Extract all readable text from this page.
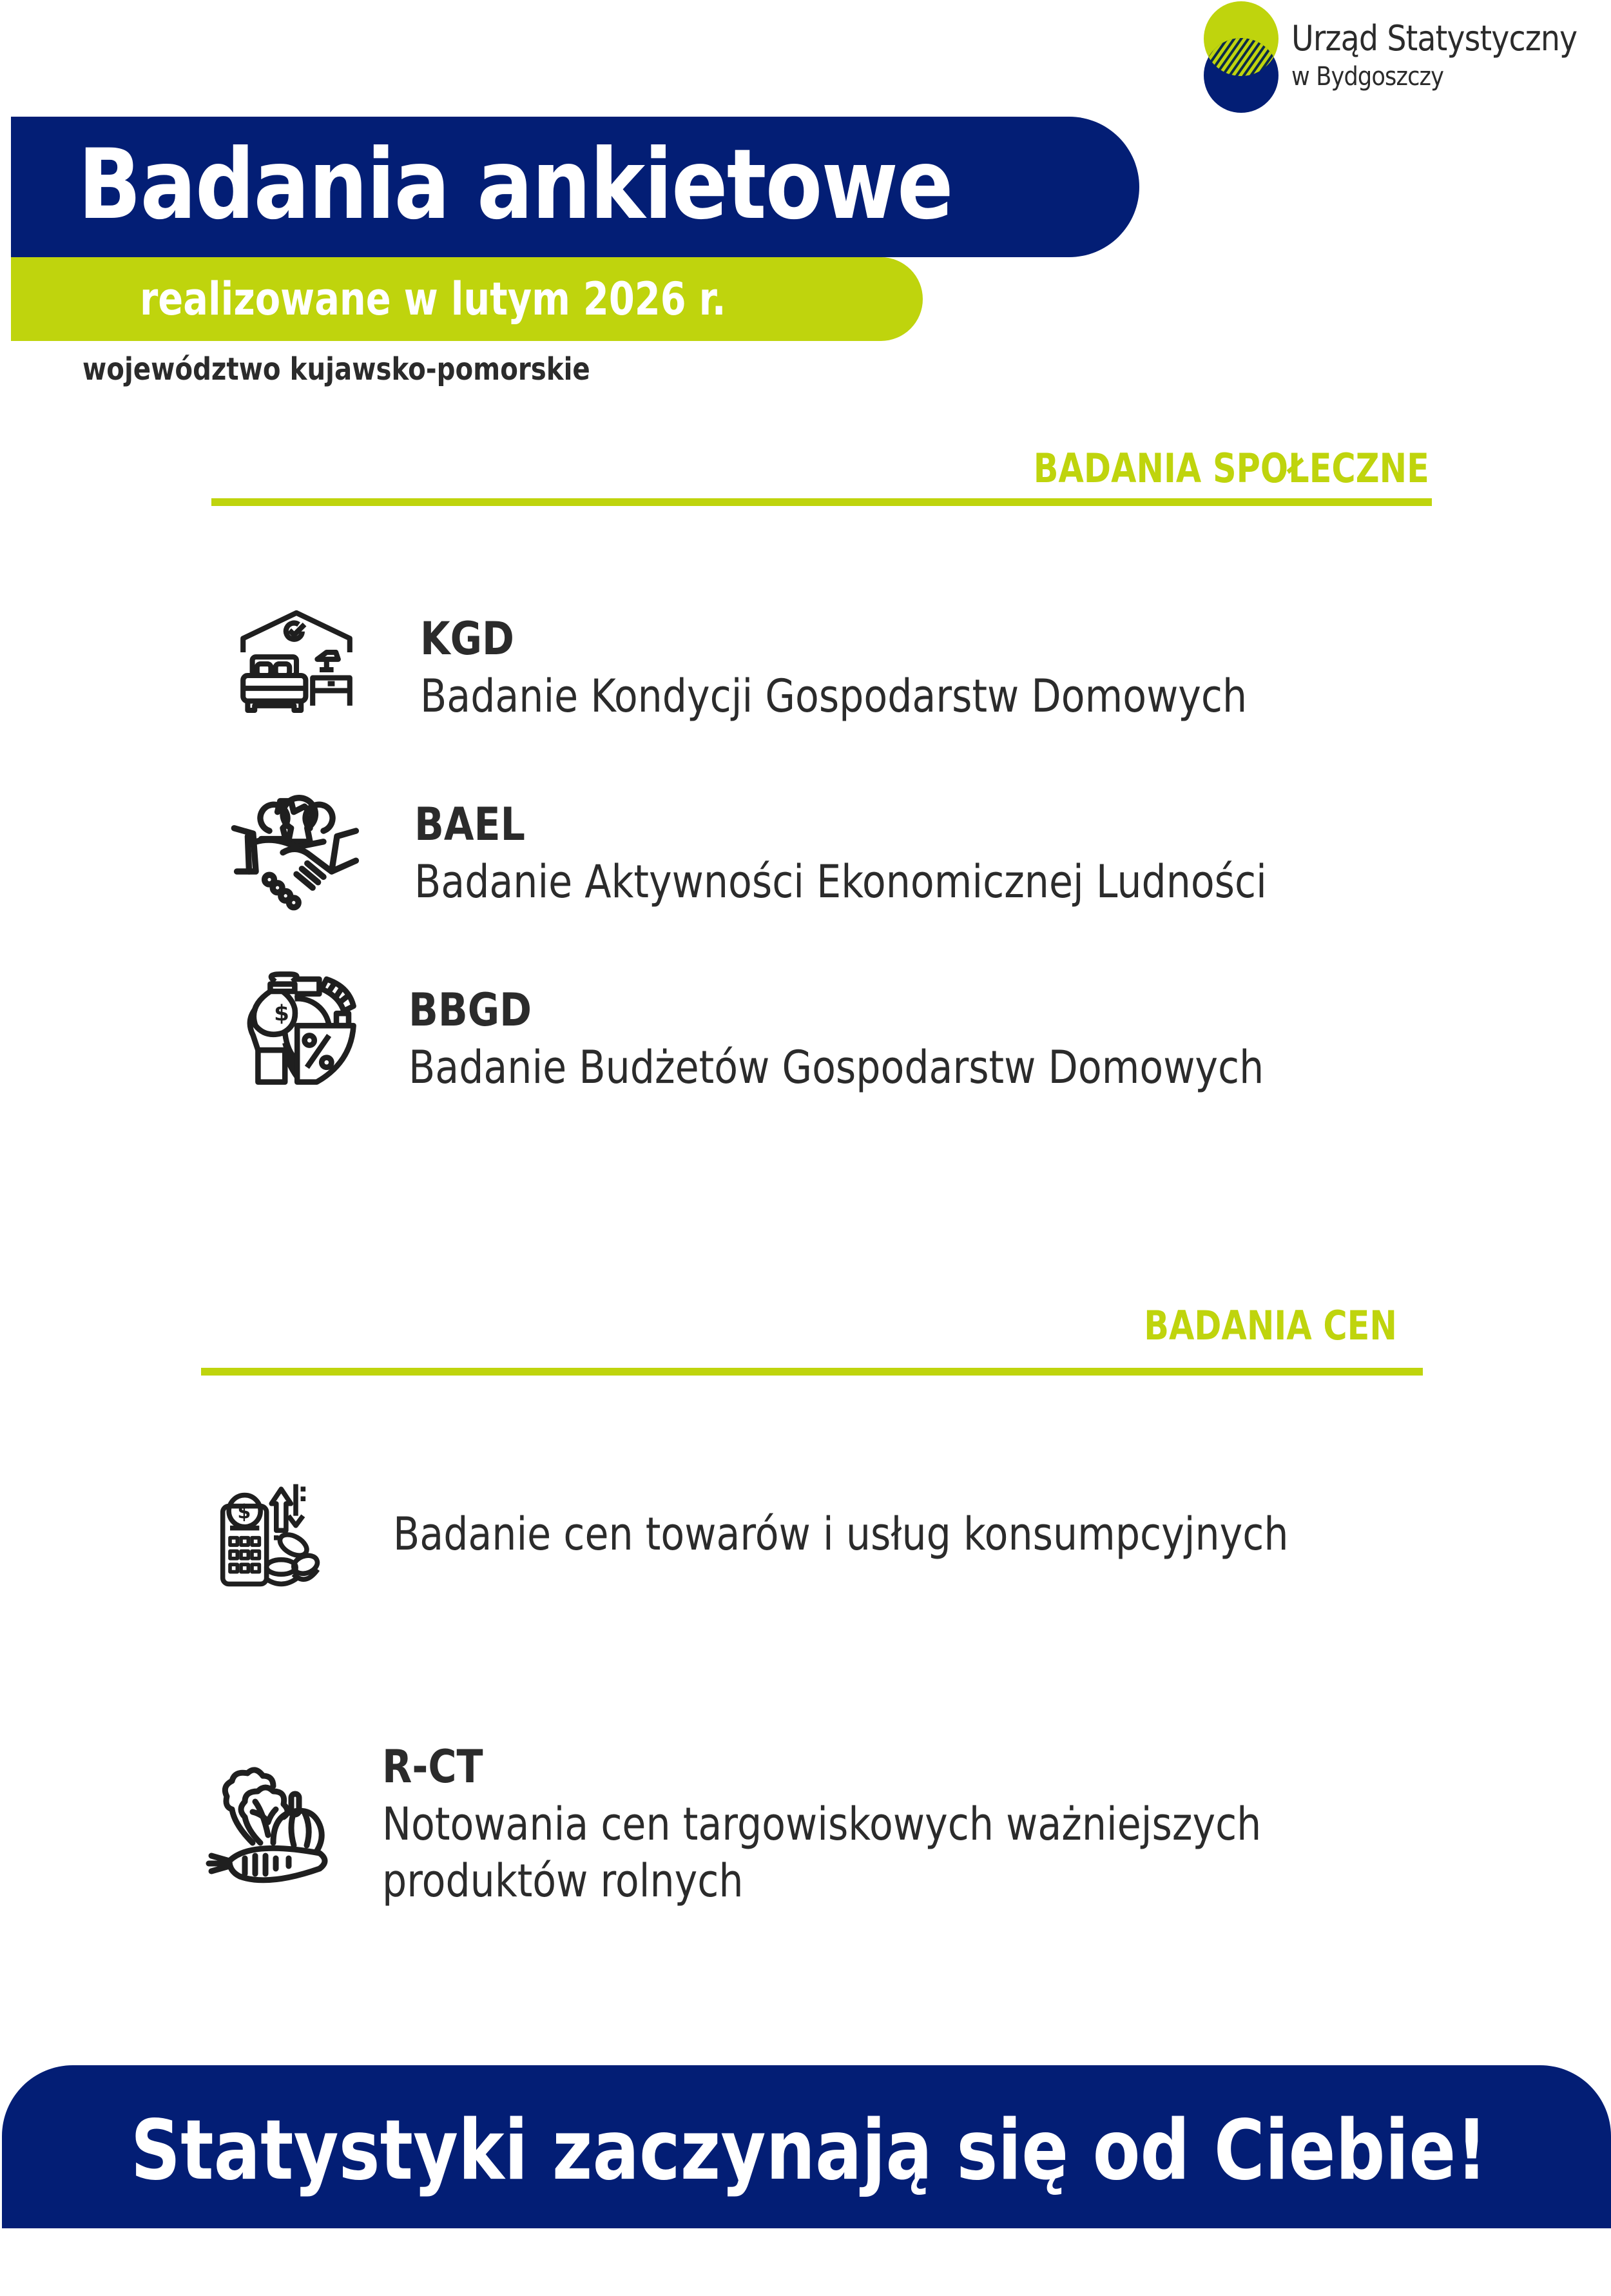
Urząd Statystyczny
w Bydgoszczy
Badania ankietowe
realizowane w lutym 2026 r.
województwo kujawsko-pomorskie
BADANIA SPOŁECZNE
KGD
Badanie Kondycji Gospodarstw Domowych
BAEL
Badanie Aktywności Ekonomicznej Ludności
$	BBGD
Badanie Budżetów Gospodarstw Domowych
BADANIA CEN
$	Badanie cen towarów i usług konsumpcyjnych
R-CT
Notowania cen targowiskowych ważniejszych
produktów rolnych
Statystyki zaczynają się od Ciebie!
